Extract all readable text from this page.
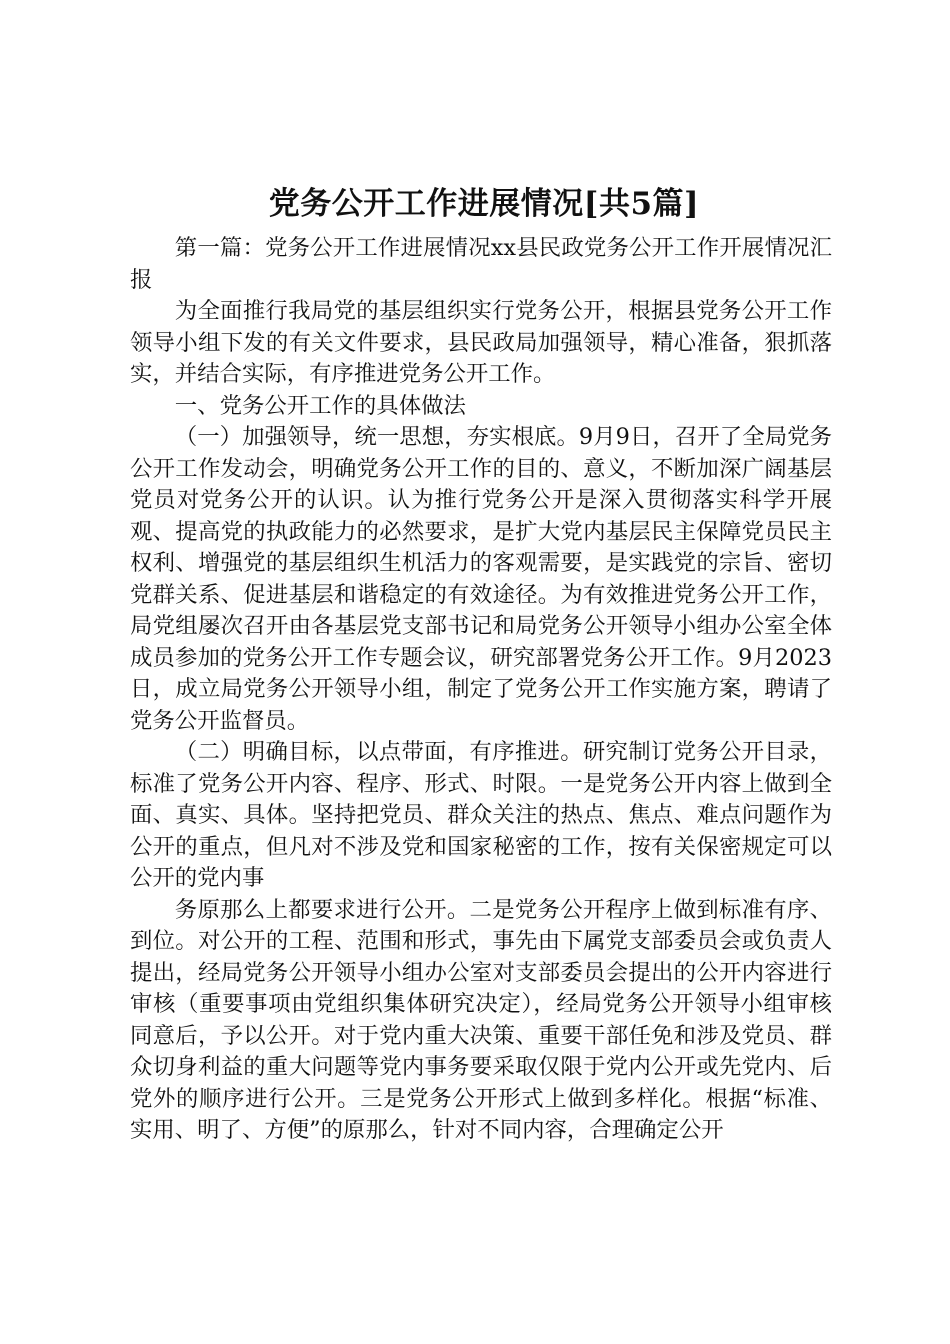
党务公开工作进展情况[共5篇]

第一篇：党务公开工作进展情况xx县民政党务公开工作开展情况汇报

为全面推行我局党的基层组织实行党务公开，根据县党务公开工作领导小组下发的有关文件要求，县民政局加强领导，精心准备，狠抓落实，并结合实际，有序推进党务公开工作。

一、党务公开工作的具体做法

（一）加强领导，统一思想，夯实根底。9月9日，召开了全局党务公开工作发动会，明确党务公开工作的目的、意义，不断加深广阔基层党员对党务公开的认识。认为推行党务公开是深入贯彻落实科学开展观、提高党的执政能力的必然要求，是扩大党内基层民主保障党员民主权利、增强党的基层组织生机活力的客观需要，是实践党的宗旨、密切党群关系、促进基层和谐稳定的有效途径。为有效推进党务公开工作，局党组屡次召开由各基层党支部书记和局党务公开领导小组办公室全体成员参加的党务公开工作专题会议，研究部署党务公开工作。9月2023日，成立局党务公开领导小组，制定了党务公开工作实施方案，聘请了党务公开监督员。

（二）明确目标，以点带面，有序推进。研究制订党务公开目录，标准了党务公开内容、程序、形式、时限。一是党务公开内容上做到全面、真实、具体。坚持把党员、群众关注的热点、焦点、难点问题作为公开的重点，但凡对不涉及党和国家秘密的工作，按有关保密规定可以公开的党内事

务原那么上都要求进行公开。二是党务公开程序上做到标准有序、到位。对公开的工程、范围和形式，事先由下属党支部委员会或负责人提出，经局党务公开领导小组办公室对支部委员会提出的公开内容进行审核（重要事项由党组织集体研究决定），经局党务公开领导小组审核同意后，予以公开。对于党内重大决策、重要干部任免和涉及党员、群众切身利益的重大问题等党内事务要采取仅限于党内公开或先党内、后党外的顺序进行公开。三是党务公开形式上做到多样化。根据“标准、实用、明了、方便”的原那么，针对不同内容，合理确定公开
